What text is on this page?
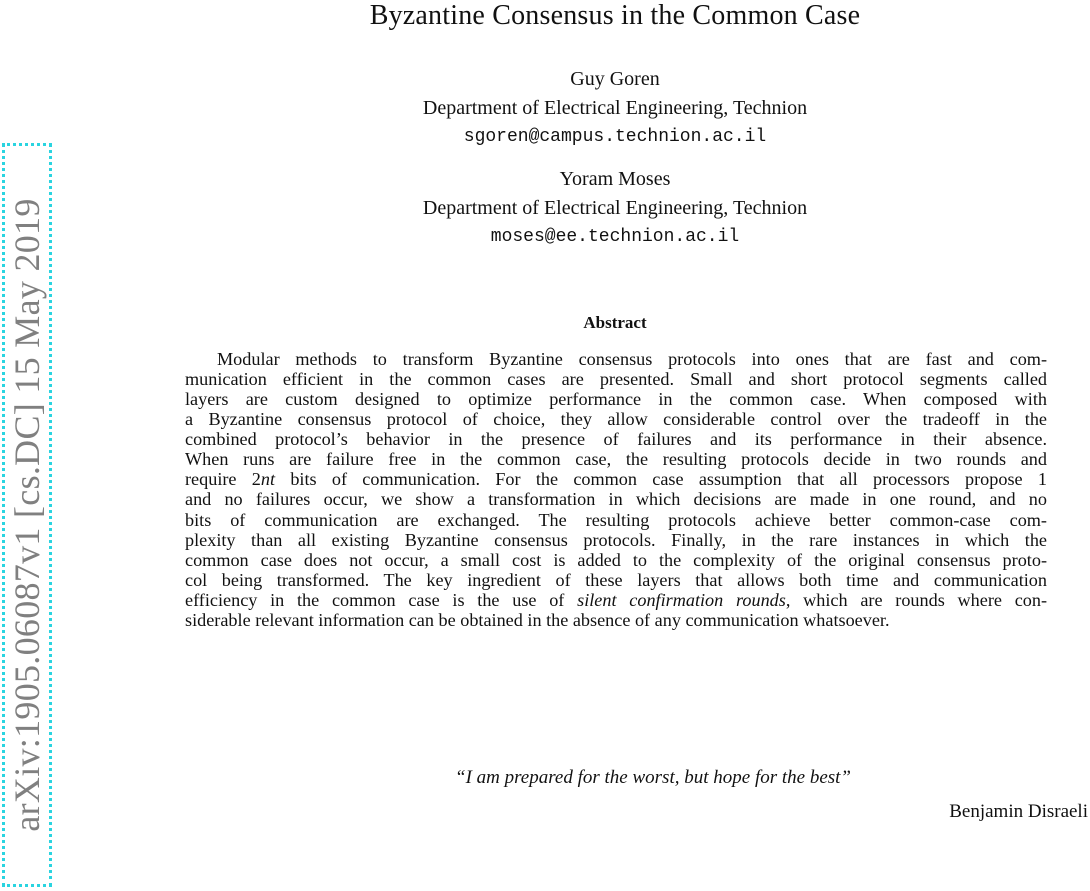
arXiv:1905.06087v1 [cs.DC] 15 May 2019
Byzantine Consensus in the Common Case
Guy Goren
Department of Electrical Engineering, Technion
sgoren@campus.technion.ac.il
Yoram Moses
Department of Electrical Engineering, Technion
moses@ee.technion.ac.il
Abstract
Modular methods to transform Byzantine consensus protocols into ones that are fast and com-
munication efficient in the common cases are presented. Small and short protocol segments called
layers are custom designed to optimize performance in the common case. When composed with
a Byzantine consensus protocol of choice, they allow considerable control over the tradeoff in the
combined protocol’s behavior in the presence of failures and its performance in their absence.
When runs are failure free in the common case, the resulting protocols decide in two rounds and
require 2nt bits of communication. For the common case assumption that all processors propose 1
and no failures occur, we show a transformation in which decisions are made in one round, and no
bits of communication are exchanged. The resulting protocols achieve better common-case com-
plexity than all existing Byzantine consensus protocols. Finally, in the rare instances in which the
common case does not occur, a small cost is added to the complexity of the original consensus proto-
col being transformed. The key ingredient of these layers that allows both time and communication
efficiency in the common case is the use of silent confirmation rounds, which are rounds where con-
siderable relevant information can be obtained in the absence of any communication whatsoever.
“I am prepared for the worst, but hope for the best”
Benjamin Disraeli
